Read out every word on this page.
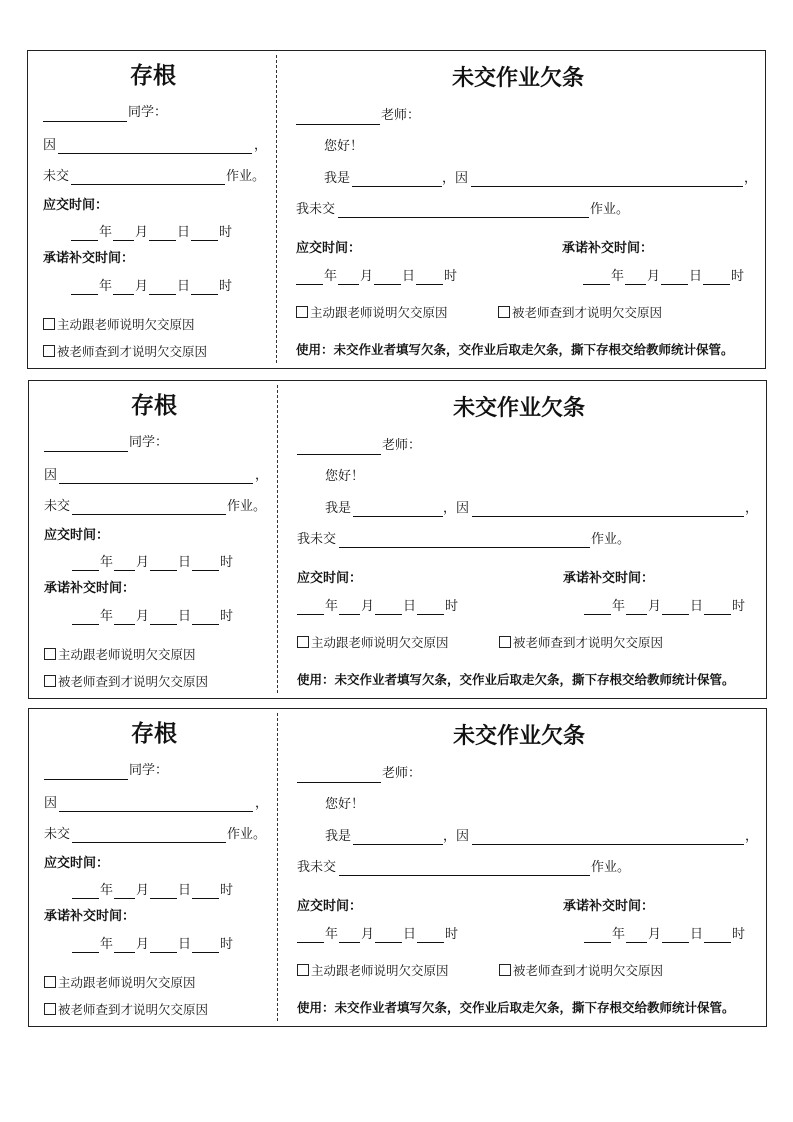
存根
同学：
因	，
未交	作业。
应交时间：
年 月 日 时
承诺补交时间：
年 月 日 时
主动跟老师说明欠交原因
被老师查到才说明欠交原因
未交作业欠条
老师：
您好！
我是	，因	，
我未交	作业。
应交时间：	承诺补交时间：
年 月 日 时	年 月 日 时
主动跟老师说明欠交原因	被老师查到才说明欠交原因
使用：未交作业者填写欠条，交作业后取走欠条，撕下存根交给教师统计保管。
存根
同学：
因	，
未交	作业。
应交时间：
年 月 日 时
承诺补交时间：
年 月 日 时
主动跟老师说明欠交原因
被老师查到才说明欠交原因
未交作业欠条
老师：
您好！
我是	，因	，
我未交	作业。
应交时间：	承诺补交时间：
年 月 日 时	年 月 日 时
主动跟老师说明欠交原因	被老师查到才说明欠交原因
使用：未交作业者填写欠条，交作业后取走欠条，撕下存根交给教师统计保管。
存根
同学：
因	，
未交	作业。
应交时间：
年 月 日 时
承诺补交时间：
年 月 日 时
主动跟老师说明欠交原因
被老师查到才说明欠交原因
未交作业欠条
老师：
您好！
我是	，因	，
我未交	作业。
应交时间：	承诺补交时间：
年 月 日 时	年 月 日 时
主动跟老师说明欠交原因	被老师查到才说明欠交原因
使用：未交作业者填写欠条，交作业后取走欠条，撕下存根交给教师统计保管。
